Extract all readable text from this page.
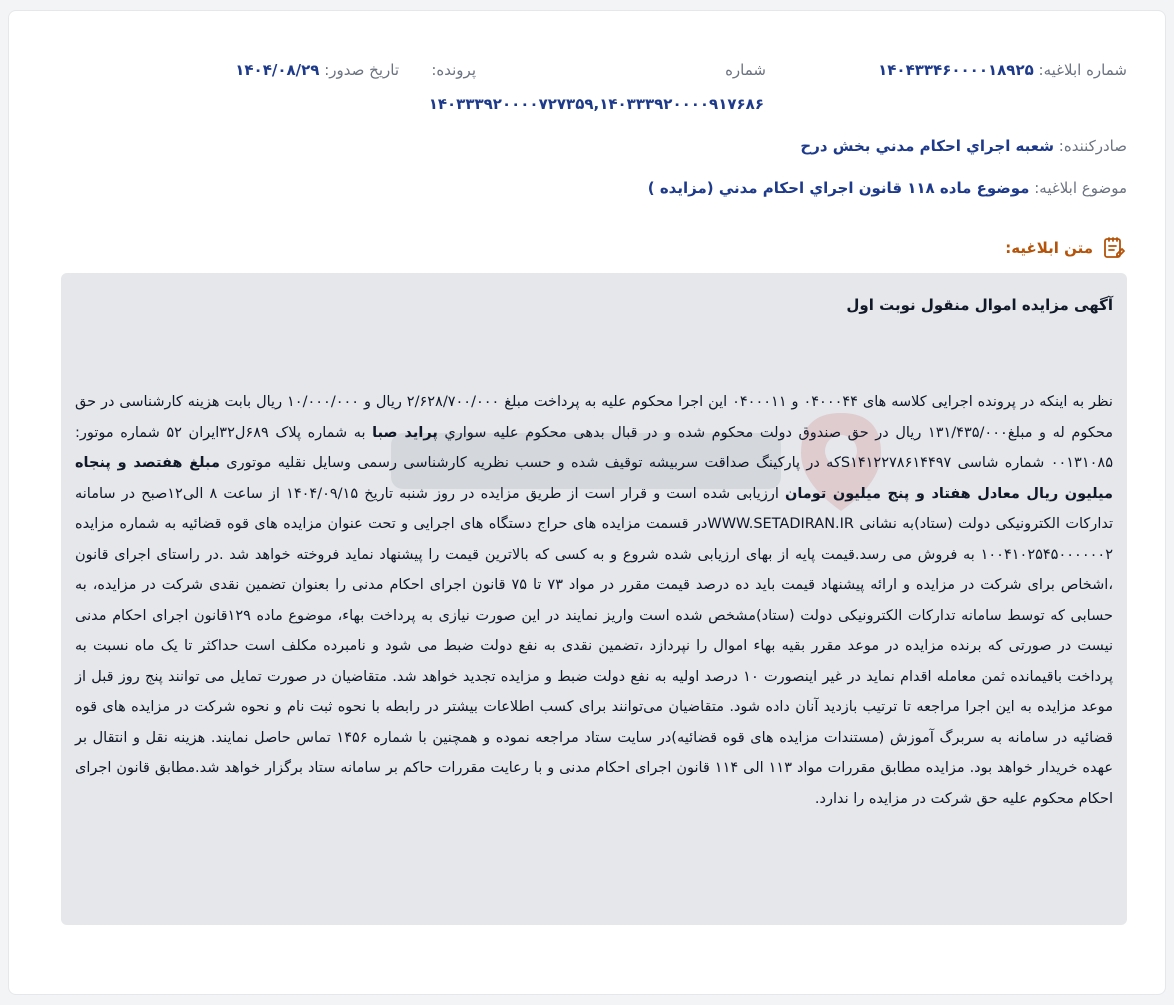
شماره ابلاغیه: ۱۴۰۴۳۳۴۶۰۰۰۰۱۸۹۲۵
شماره
پرونده:
تاریخ صدور: ۱۴۰۴/۰۸/۲۹
۱۴۰۳۳۳۹۲۰۰۰۰۷۲۷۳۵۹,۱۴۰۳۳۳۹۲۰۰۰۰۹۱۷۶۸۶
صادرکننده: شعبه اجراي احكام مدني بخش درح
موضوع ابلاغیه: موضوع ماده ۱۱۸ قانون اجراي احكام مدني (مزايده )
متن ابلاغیه:
آگهی مزایده اموال منقول نوبت اول
نظر به اینکه در پرونده اجرایی کلاسه های ۰۴۰۰۰۴۴ و ۰۴۰۰۰۱۱ این اجرا محکوم علیه به پرداخت مبلغ ۲/۶۲۸/۷۰۰/۰۰۰ ریال و ۱۰/۰۰۰/۰۰۰ ریال بابت هزینه کارشناسی در حق محکوم له و مبلغ۱۳۱/۴۳۵/۰۰۰ ریال در حق صندوق دولت محکوم شده و در قبال بدهی محکوم علیه سواري پراید صبا به شماره پلاک ۶۸۹ل۳۲ایران ۵۲ شماره موتور: ۰۰۱۳۱۰۸۵ شماره شاسی S۱۴۱۲۲۷۸۶۱۴۴۹۷که در پارکینگ صداقت سربیشه توقیف شده و حسب نظریه کارشناسی رسمی وسایل نقلیه موتوری مبلغ هفتصد و پنجاه میلیون ریال معادل هفتاد و پنج میلیون تومان ارزیابی شده است و قرار است از طریق مزایده در روز شنبه تاریخ ۱۴۰۴/۰۹/۱۵ از ساعت ۸ الی۱۲صبح در سامانه تدارکات الکترونیکی دولت (ستاد)به نشانی WWW.SETADIRAN.IRدر قسمت مزایده های حراج دستگاه های اجرایی و تحت عنوان مزایده های قوه قضائیه به شماره مزایده ۱۰۰۴۱۰۲۵۴۵۰۰۰۰۰۰۲ به فروش می رسد.قیمت پایه از بهای ارزیابی شده شروع و به کسی که بالاترین قیمت را پیشنهاد نماید فروخته خواهد شد .در راستای اجرای قانون ،اشخاص برای شرکت در مزایده و ارائه پیشنهاد قیمت باید ده درصد قیمت مقرر در مواد ۷۳ تا ۷۵ قانون اجرای احکام مدنی را بعنوان تضمین نقدی شرکت در مزایده، به حسابی که توسط سامانه تدارکات الکترونیکی دولت (ستاد)مشخص شده است واریز نمایند در این صورت نیازی به پرداخت بهاء، موضوع ماده ۱۲۹قانون اجرای احکام مدنی نیست در صورتی که برنده مزایده در موعد مقرر بقیه بهاء اموال را نپردازد ،تضمین نقدی به نفع دولت ضبط می شود و نامبرده مکلف است حداکثر تا یک ماه نسبت به پرداخت باقیمانده ثمن معامله اقدام نماید در غیر اینصورت ۱۰ درصد اولیه به نفع دولت ضبط و مزایده تجدید خواهد شد. متقاضیان در صورت تمایل می توانند پنج روز قبل از موعد مزایده به این اجرا مراجعه تا ترتیب بازدید آنان داده شود. متقاضیان می‌توانند برای کسب اطلاعات بیشتر در رابطه با نحوه ثبت نام و نحوه شرکت در مزایده های قوه قضائیه در سامانه به سربرگ آموزش (مستندات مزایده های قوه قضائیه)در سایت ستاد مراجعه نموده و همچنین با شماره ۱۴۵۶ تماس حاصل نمایند. هزینه نقل و انتقال بر عهده خریدار خواهد بود. مزایده مطابق مقررات مواد ۱۱۳ الی ۱۱۴ قانون اجرای احکام مدنی و با رعایت مقررات حاکم بر سامانه ستاد برگزار خواهد شد.مطابق قانون اجرای احکام محکوم علیه حق شرکت در مزایده را ندارد.
